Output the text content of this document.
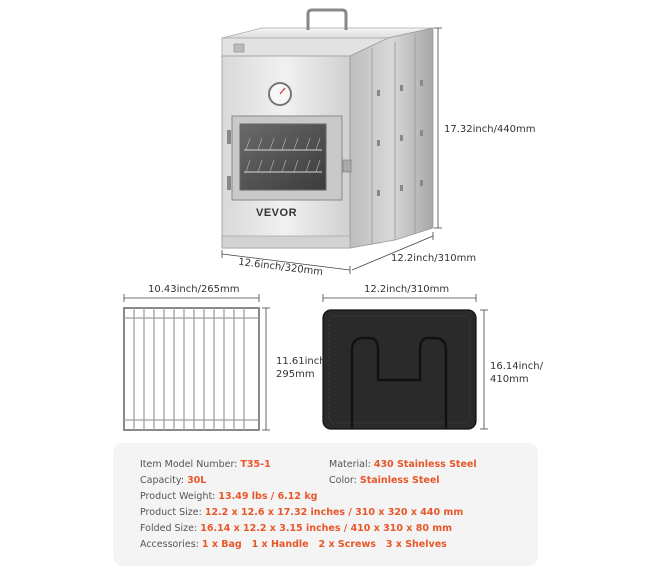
VEVOR
17.32inch/440mm
12.6inch/320mm	12.2inch/310mm
10.43inch/265mm
11.61inch/
295mm
12.2inch/310mm
16.14inch/
410mm
Item Model Number: T35-1
Capacity: 30L
Product Weight: 13.49 lbs / 6.12 kg
Product Size: 12.2 x 12.6 x 17.32 inches / 310 x 320 x 440 mm
Folded Size: 16.14 x 12.2 x 3.15 inches / 410 x 310 x 80 mm
Accessories: 1 x Bag   1 x Handle   2 x Screws   3 x Shelves
Material: 430 Stainless Steel
Color: Stainless Steel
